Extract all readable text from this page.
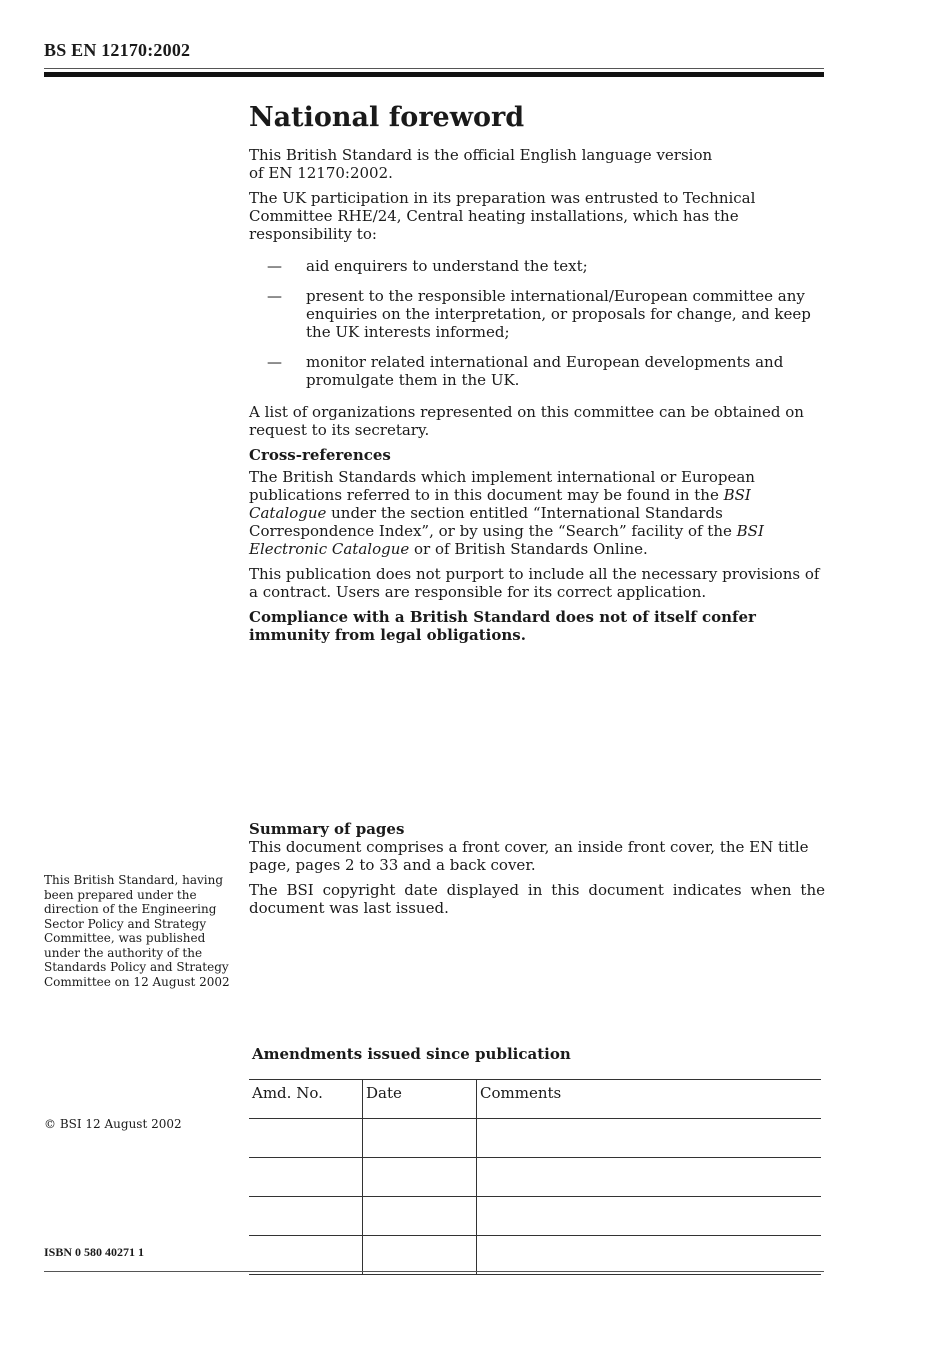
BS EN 12170:2002
National foreword

This British Standard is the official English language version of EN 12170:2002.

The UK participation in its preparation was entrusted to Technical Committee RHE/24, Central heating installations, which has the responsibility to:

—	aid enquirers to understand the text;
—	present to the responsible international/European committee any enquiries on the interpretation, or proposals for change, and keep the UK interests informed;
—	monitor related international and European developments and promulgate them in the UK.

A list of organizations represented on this committee can be obtained on request to its secretary.

Cross-references

The British Standards which implement international or European publications referred to in this document may be found in the BSI Catalogue under the section entitled “International Standards Correspondence Index”, or by using the “Search” facility of the BSI Electronic Catalogue or of British Standards Online.

This publication does not purport to include all the necessary provisions of a contract. Users are responsible for its correct application.

Compliance with a British Standard does not of itself confer immunity from legal obligations.

Summary of pages

This document comprises a front cover, an inside front cover, the EN title page, pages 2 to 33 and a back cover.

The BSI copyright date displayed in this document indicates when the document was last issued.

This British Standard, having been prepared under the direction of the Engineering Sector Policy and Strategy Committee, was published under the authority of the Standards Policy and Strategy Committee on 12 August 2002
© BSI 12 August 2002
ISBN 0 580 40271 1
Amendments issued since publication
Amd. No.	Date	Comments
